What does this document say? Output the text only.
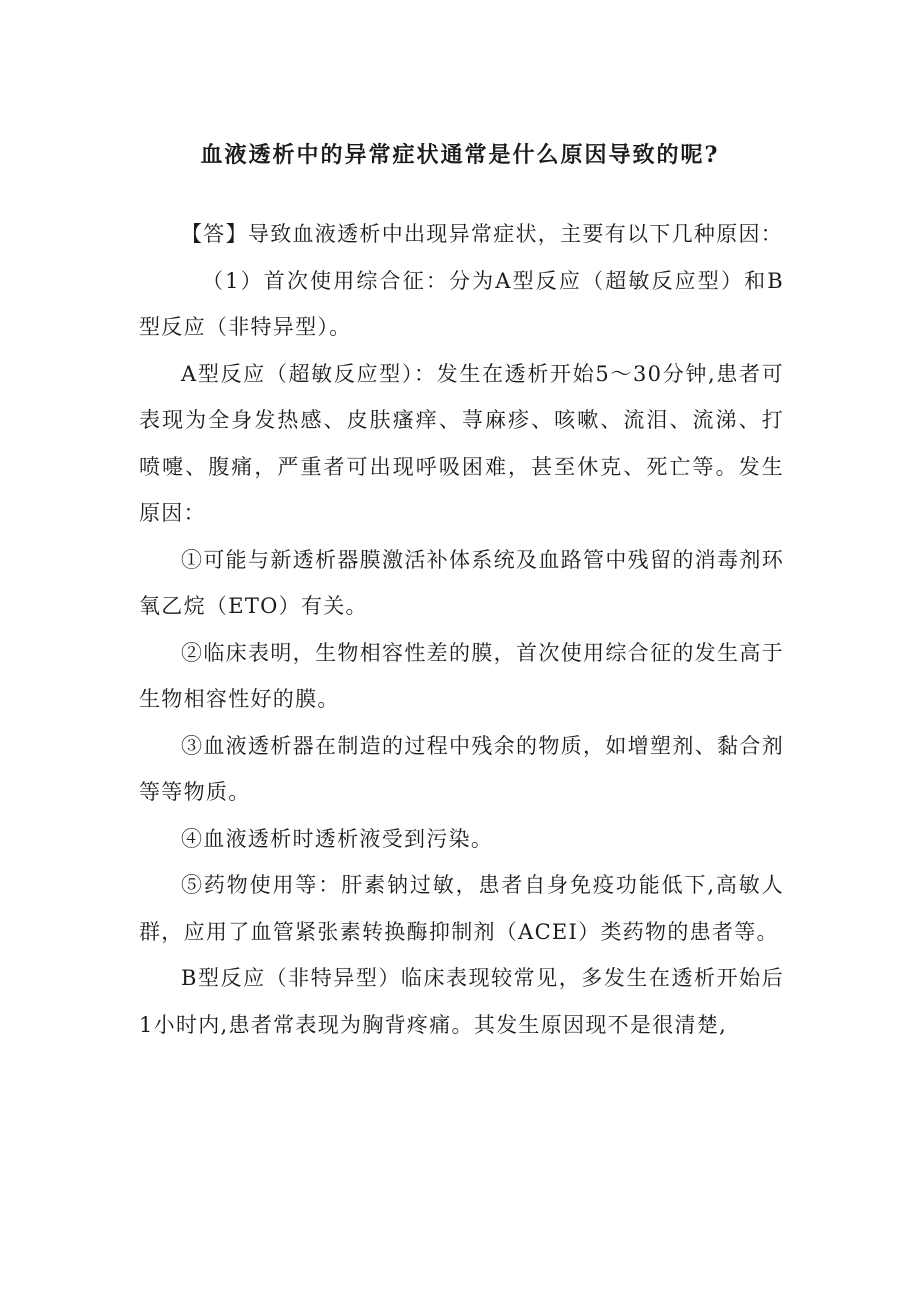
血液透析中的异常症状通常是什么原因导致的呢?

【答】导致血液透析中出现异常症状，主要有以下几种原因：

（1）首次使用综合征：分为A型反应（超敏反应型）和B型反应（非特异型）。

A型反应（超敏反应型）：发生在透析开始5～30分钟,患者可表现为全身发热感、皮肤瘙痒、荨麻疹、咳嗽、流泪、流涕、打喷嚏、腹痛，严重者可出现呼吸困难，甚至休克、死亡等。发生原因：

①可能与新透析器膜激活补体系统及血路管中残留的消毒剂环氧乙烷（ETO）有关。

②临床表明，生物相容性差的膜，首次使用综合征的发生高于生物相容性好的膜。

③血液透析器在制造的过程中残余的物质，如增塑剂、黏合剂等等物质。

④血液透析时透析液受到污染。

⑤药物使用等：肝素钠过敏，患者自身免疫功能低下,高敏人群，应用了血管紧张素转换酶抑制剂（ACEI）类药物的患者等。

B型反应（非特异型）临床表现较常见，多发生在透析开始后1小时内,患者常表现为胸背疼痛。其发生原因现不是很清楚,
